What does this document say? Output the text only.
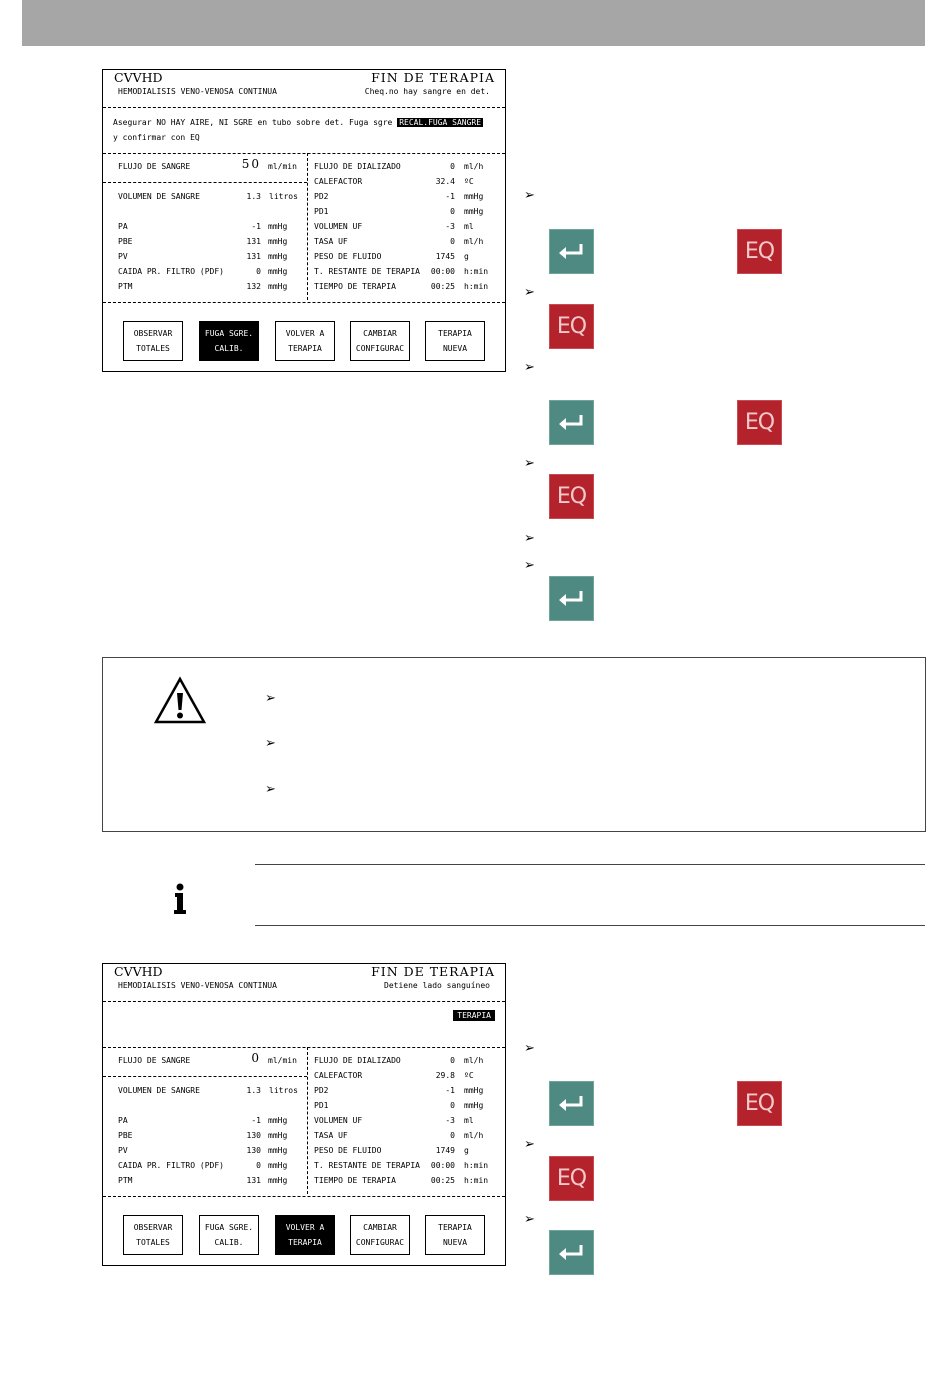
CVVHD	FIN DE TERAPIA
HEMODIALISIS VENO-VENOSA CONTINUA	Cheq.no hay sangre en det.
Asegurar NO HAY AIRE, NI SGRE en tubo sobre det. Fuga sgre RECAL.FUGA SANGRE
y confirmar con EQ
FLUJO DE SANGRE	50 ml/min
VOLUMEN DE SANGRE	1.3 litros
PA	-1 mmHg
PBE	131 mmHg
PV	131 mmHg
CAIDA PR. FILTRO (PDF)	0 mmHg
PTM	132 mmHg
FLUJO DE DIALIZADO	0 ml/h
CALEFACTOR	32.4 ºC
PD2	-1 mmHg
PD1	0 mmHg
VOLUMEN UF	-3 ml
TASA UF	0 ml/h
PESO DE FLUIDO	1745 g
T. RESTANTE DE TERAPIA	00:00 h:min
TIEMPO DE TERAPIA	00:25 h:min
OBSERVAR
TOTALES
FUGA SGRE.
CALIB.
VOLVER A
TERAPIA
CAMBIAR
CONFIGURAC
TERAPIA
NUEVA
➢
EQ
➢
EQ
➢
EQ
➢
EQ
➢
➢
➢
➢
➢
CVVHD	FIN DE TERAPIA
HEMODIALISIS VENO-VENOSA CONTINUA	Detiene lado sanguíneo
TERAPIA
FLUJO DE SANGRE	0 ml/min
VOLUMEN DE SANGRE	1.3 litros
PA	-1 mmHg
PBE	130 mmHg
PV	130 mmHg
CAIDA PR. FILTRO (PDF)	0 mmHg
PTM	131 mmHg
FLUJO DE DIALIZADO	0 ml/h
CALEFACTOR	29.8 ºC
PD2	-1 mmHg
PD1	0 mmHg
VOLUMEN UF	-3 ml
TASA UF	0 ml/h
PESO DE FLUIDO	1749 g
T. RESTANTE DE TERAPIA	00:00 h:min
TIEMPO DE TERAPIA	00:25 h:min
OBSERVAR
TOTALES
FUGA SGRE.
CALIB.
VOLVER A
TERAPIA
CAMBIAR
CONFIGURAC
TERAPIA
NUEVA
➢
EQ
➢
EQ
➢
